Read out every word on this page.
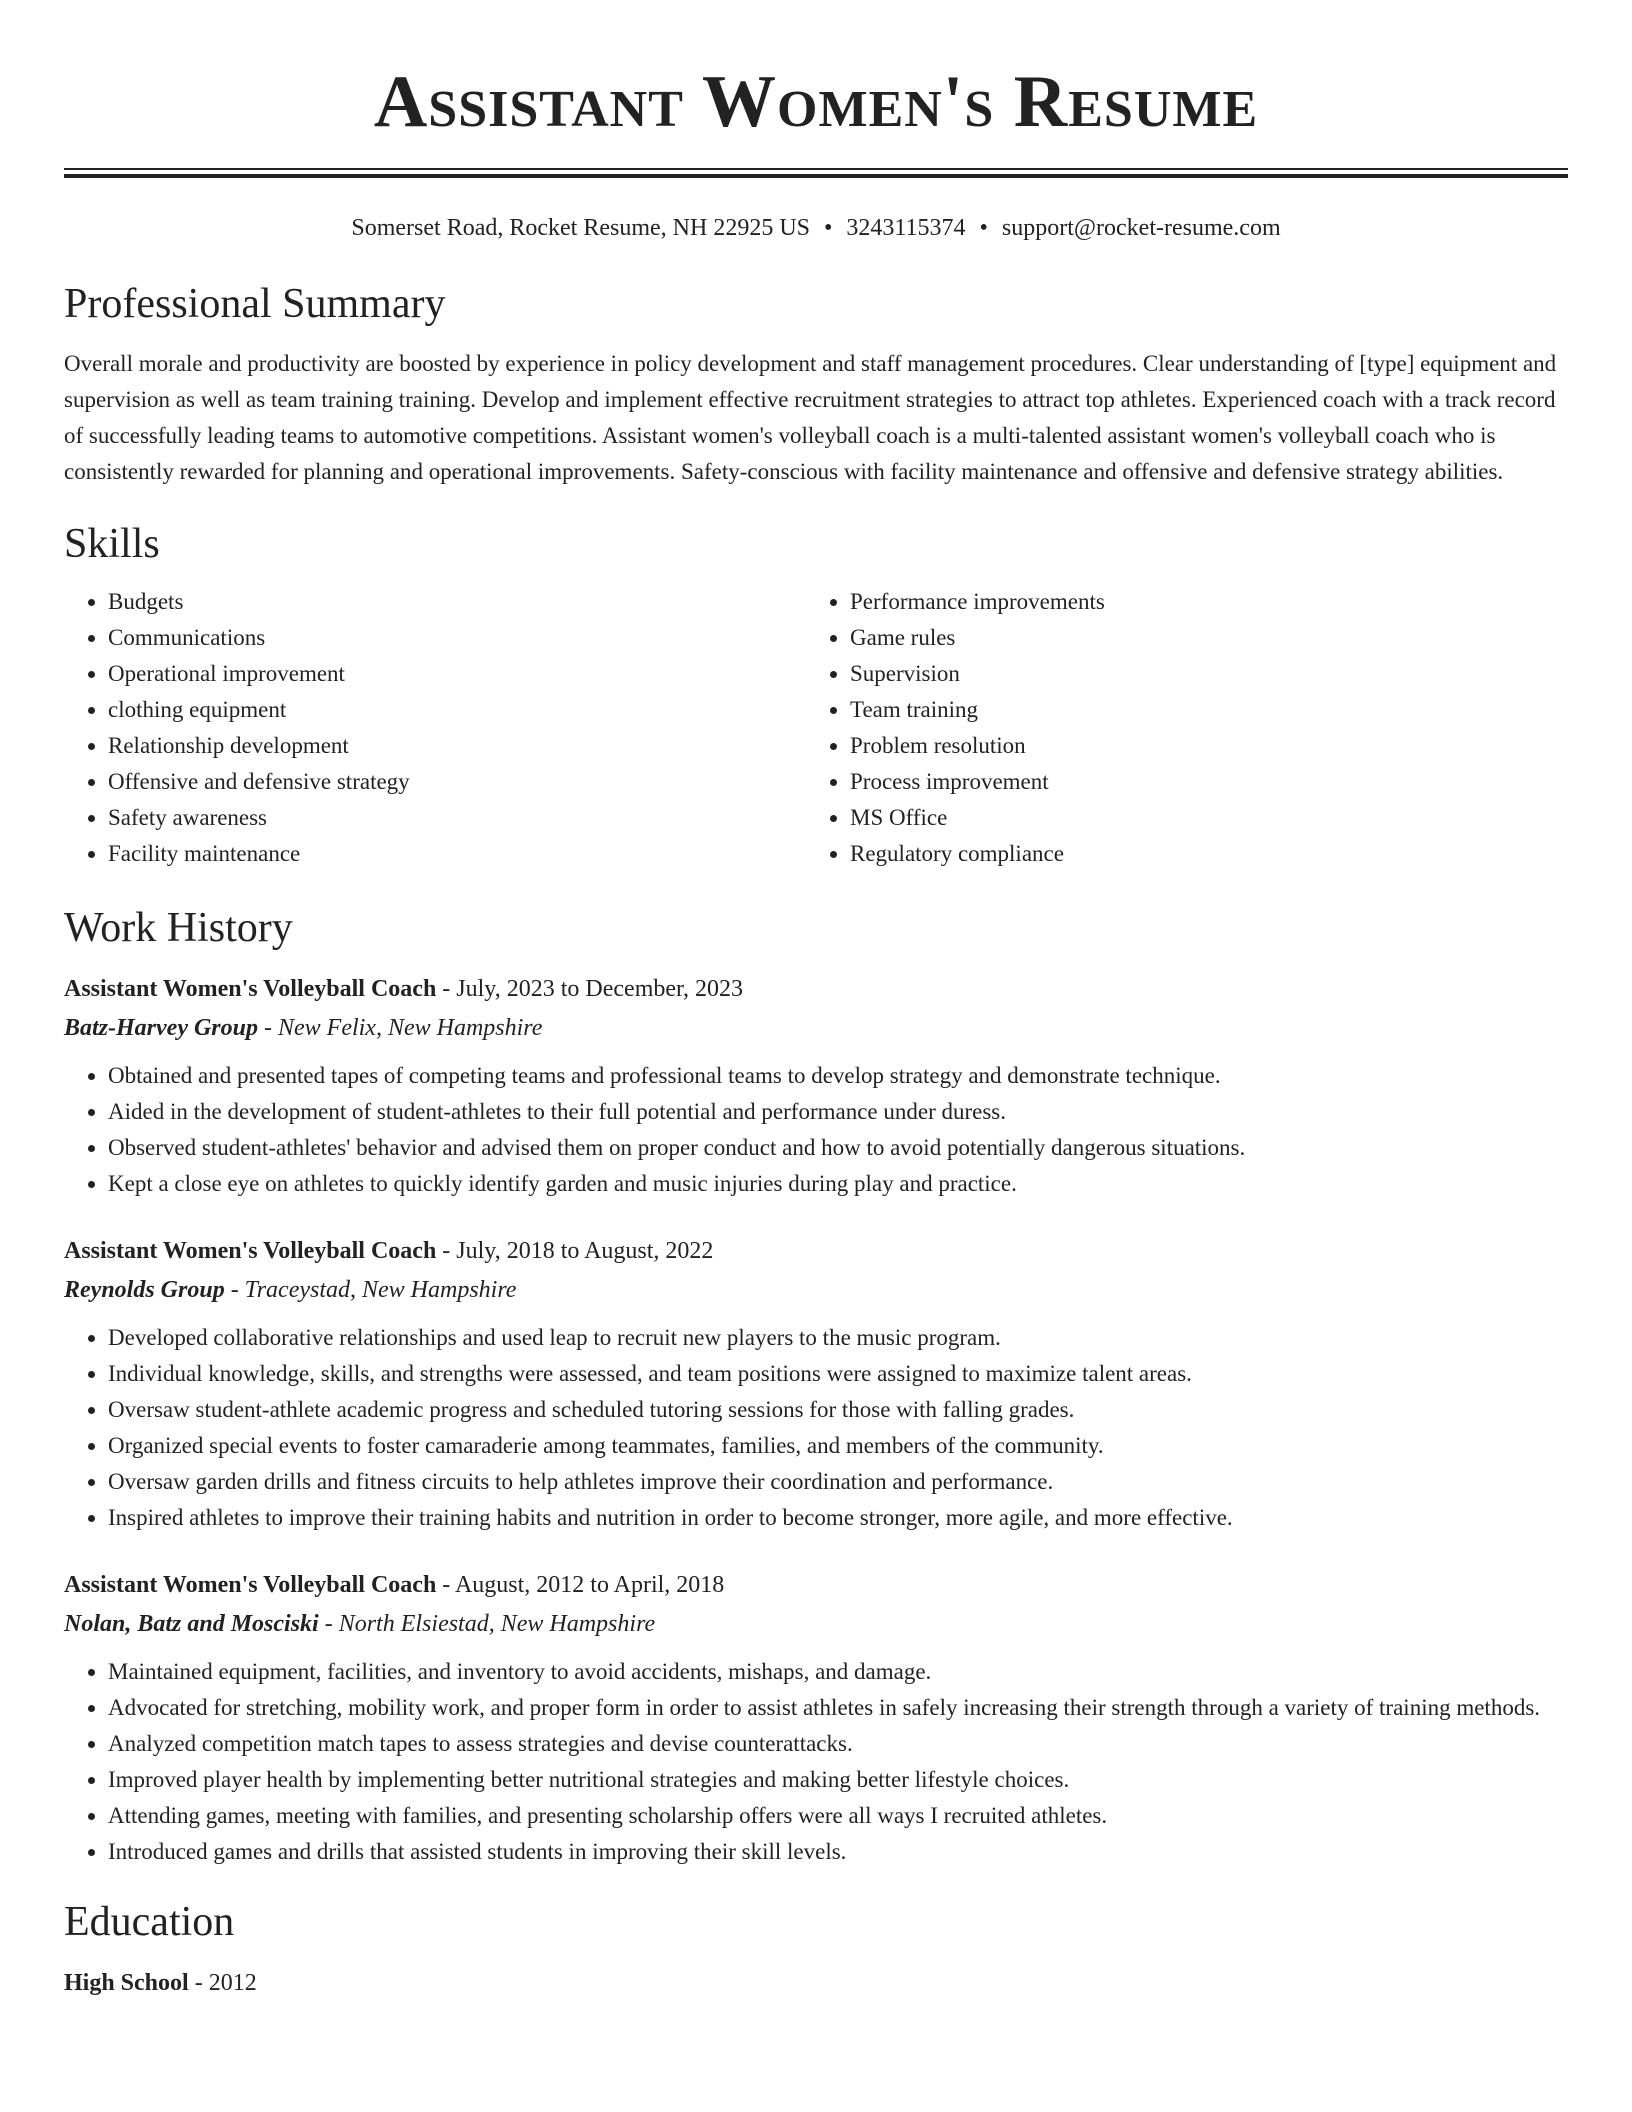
Assistant Women's Resume
Somerset Road, Rocket Resume, NH 22925 US • 3243115374 • support@rocket-resume.com
Professional Summary

Overall morale and productivity are boosted by experience in policy development and staff management procedures. Clear understanding of [type] equipment and supervision as well as team training training. Develop and implement effective recruitment strategies to attract top athletes. Experienced coach with a track record of successfully leading teams to automotive competitions. Assistant women's volleyball coach is a multi-talented assistant women's volleyball coach who is consistently rewarded for planning and operational improvements. Safety-conscious with facility maintenance and offensive and defensive strategy abilities.

Skills
• Budgets
• Communications
• Operational improvement
• clothing equipment
• Relationship development
• Offensive and defensive strategy
• Safety awareness
• Facility maintenance
• Performance improvements
• Game rules
• Supervision
• Team training
• Problem resolution
• Process improvement
• MS Office
• Regulatory compliance
Work History
Assistant Women's Volleyball Coach - July, 2023 to December, 2023
Batz-Harvey Group - New Felix, New Hampshire
• Obtained and presented tapes of competing teams and professional teams to develop strategy and demonstrate technique.
• Aided in the development of student-athletes to their full potential and performance under duress.
• Observed student-athletes' behavior and advised them on proper conduct and how to avoid potentially dangerous situations.
• Kept a close eye on athletes to quickly identify garden and music injuries during play and practice.
Assistant Women's Volleyball Coach - July, 2018 to August, 2022
Reynolds Group - Traceystad, New Hampshire
• Developed collaborative relationships and used leap to recruit new players to the music program.
• Individual knowledge, skills, and strengths were assessed, and team positions were assigned to maximize talent areas.
• Oversaw student-athlete academic progress and scheduled tutoring sessions for those with falling grades.
• Organized special events to foster camaraderie among teammates, families, and members of the community.
• Oversaw garden drills and fitness circuits to help athletes improve their coordination and performance.
• Inspired athletes to improve their training habits and nutrition in order to become stronger, more agile, and more effective.
Assistant Women's Volleyball Coach - August, 2012 to April, 2018
Nolan, Batz and Mosciski - North Elsiestad, New Hampshire
• Maintained equipment, facilities, and inventory to avoid accidents, mishaps, and damage.
• Advocated for stretching, mobility work, and proper form in order to assist athletes in safely increasing their strength through a variety of training methods.
• Analyzed competition match tapes to assess strategies and devise counterattacks.
• Improved player health by implementing better nutritional strategies and making better lifestyle choices.
• Attending games, meeting with families, and presenting scholarship offers were all ways I recruited athletes.
• Introduced games and drills that assisted students in improving their skill levels.
Education
High School - 2012
